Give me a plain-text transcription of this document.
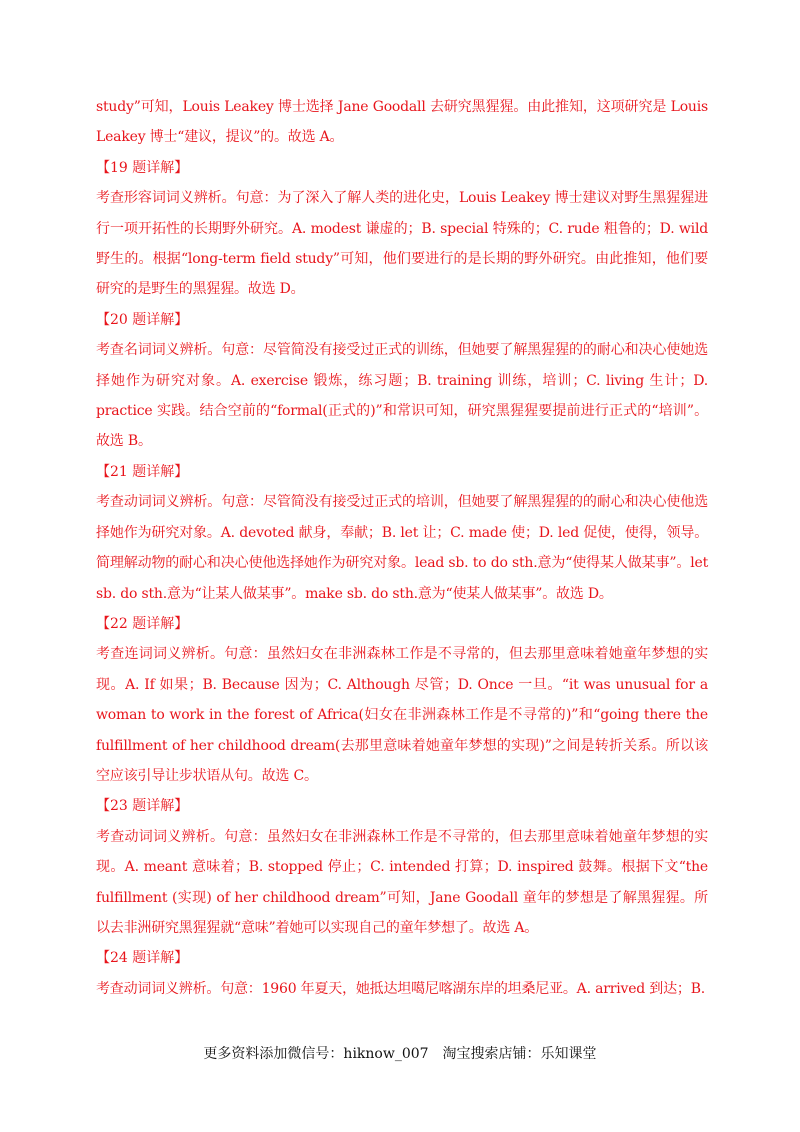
study”可知，Louis Leakey 博士选择 Jane Goodall 去研究黑猩猩。由此推知，这项研究是 Louis Leakey 博士“建议，提议”的。故选 A。

【19 题详解】

考查形容词词义辨析。句意：为了深入了解人类的进化史，Louis Leakey 博士建议对野生黑猩猩进行一项开拓性的长期野外研究。A. modest 谦虚的；B. special 特殊的；C. rude 粗鲁的；D. wild 野生的。根据“long-term field study”可知，他们要进行的是长期的野外研究。由此推知，他们要研究的是野生的黑猩猩。故选 D。

【20 题详解】

考查名词词义辨析。句意：尽管简没有接受过正式的训练，但她要了解黑猩猩的的耐心和决心使她选择她作为研究对象。A. exercise 锻炼，练习题；B. training 训练，培训；C. living 生计；D. practice 实践。结合空前的“formal(正式的)”和常识可知，研究黑猩猩要提前进行正式的“培训”。故选 B。

【21 题详解】

考查动词词义辨析。句意：尽管简没有接受过正式的培训，但她要了解黑猩猩的的耐心和决心使他选择她作为研究对象。A. devoted 献身，奉献；B. let 让；C. made 使；D. led 促使，使得，领导。简理解动物的耐心和决心使他选择她作为研究对象。lead sb. to do sth.意为“使得某人做某事”。let sb. do sth.意为“让某人做某事”。make sb. do sth.意为“使某人做某事”。故选 D。

【22 题详解】

考查连词词义辨析。句意：虽然妇女在非洲森林工作是不寻常的，但去那里意味着她童年梦想的实现。A. If 如果；B. Because 因为；C. Although 尽管；D. Once 一旦。“it was unusual for a woman to work in the forest of Africa(妇女在非洲森林工作是不寻常的)”和“going there the fulfillment of her childhood dream(去那里意味着她童年梦想的实现)”之间是转折关系。所以该空应该引导让步状语从句。故选 C。

【23 题详解】

考查动词词义辨析。句意：虽然妇女在非洲森林工作是不寻常的，但去那里意味着她童年梦想的实现。A. meant 意味着；B. stopped 停止；C. intended 打算；D. inspired 鼓舞。根据下文“the fulfillment (实现) of her childhood dream”可知，Jane Goodall 童年的梦想是了解黑猩猩。所以去非洲研究黑猩猩就“意味”着她可以实现自己的童年梦想了。故选 A。

【24 题详解】

考查动词词义辨析。句意：1960 年夏天，她抵达坦噶尼喀湖东岸的坦桑尼亚。A. arrived 到达；B.

更多资料添加微信号：hiknow_007　淘宝搜索店铺：乐知课堂
